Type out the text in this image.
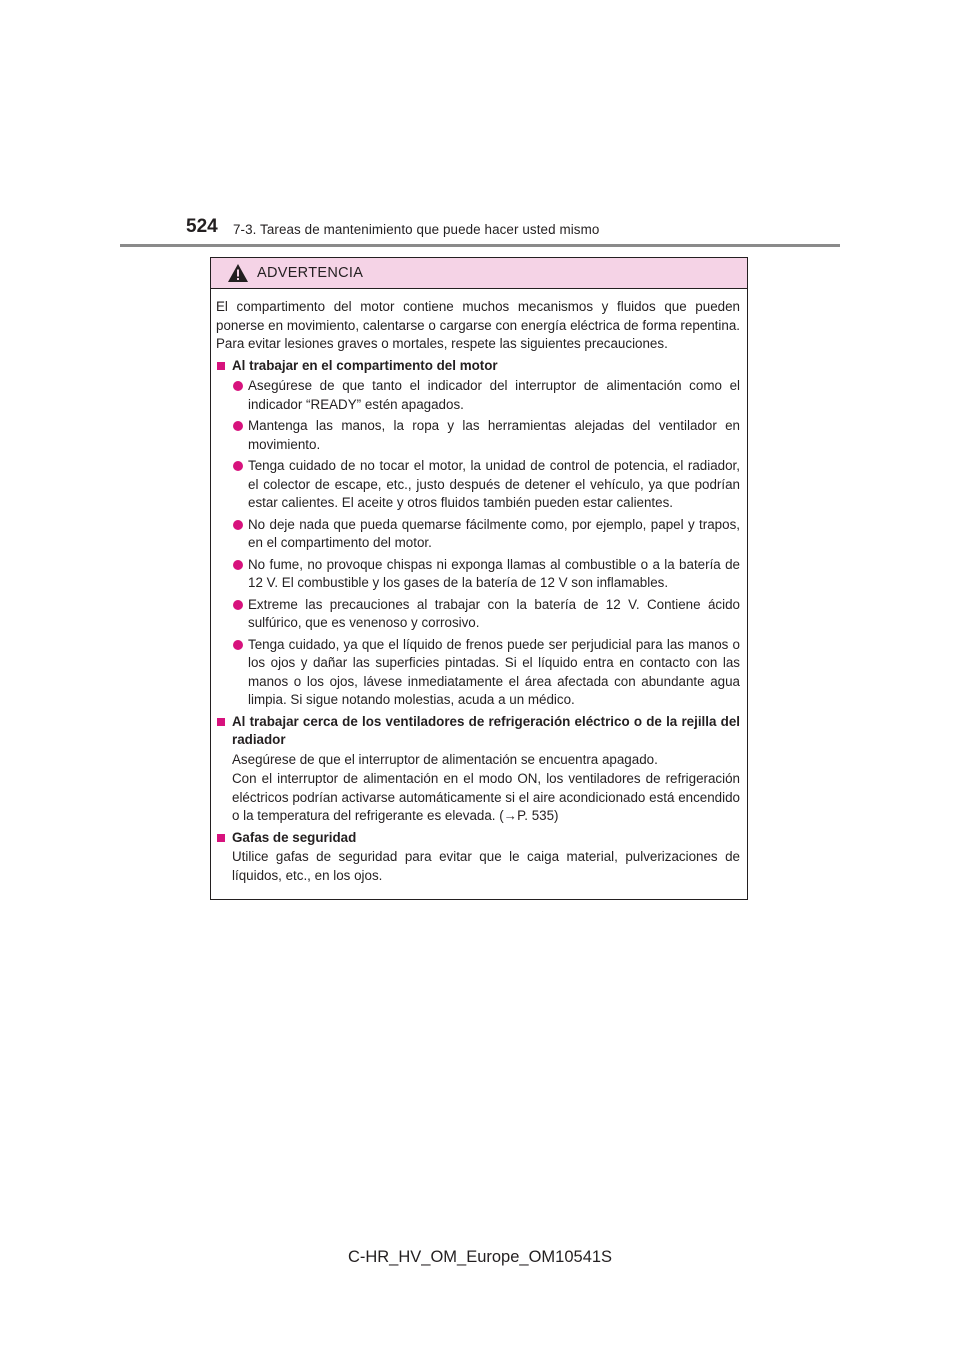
524 7-3. Tareas de mantenimiento que puede hacer usted mismo
ADVERTENCIA

El compartimento del motor contiene muchos mecanismos y fluidos que pueden ponerse en movimiento, calentarse o cargarse con energía eléctrica de forma repentina. Para evitar lesiones graves o mortales, respete las siguientes precauciones.

Al trabajar en el compartimento del motor
Asegúrese de que tanto el indicador del interruptor de alimentación como el indicador “READY” estén apagados.
Mantenga las manos, la ropa y las herramientas alejadas del ventilador en movimiento.
Tenga cuidado de no tocar el motor, la unidad de control de potencia, el radiador, el colector de escape, etc., justo después de detener el vehículo, ya que podrían estar calientes. El aceite y otros fluidos también pueden estar calientes.
No deje nada que pueda quemarse fácilmente como, por ejemplo, papel y trapos, en el compartimento del motor.
No fume, no provoque chispas ni exponga llamas al combustible o a la batería de 12 V. El combustible y los gases de la batería de 12 V son inflamables.
Extreme las precauciones al trabajar con la batería de 12 V. Contiene ácido sulfúrico, que es venenoso y corrosivo.
Tenga cuidado, ya que el líquido de frenos puede ser perjudicial para las manos o los ojos y dañar las superficies pintadas. Si el líquido entra en contacto con las manos o los ojos, lávese inmediatamente el área afectada con abundante agua limpia. Si sigue notando molestias, acuda a un médico.
Al trabajar cerca de los ventiladores de refrigeración eléctrico o de la rejilla del radiador
Asegúrese de que el interruptor de alimentación se encuentra apagado.
Con el interruptor de alimentación en el modo ON, los ventiladores de refrigeración eléctricos podrían activarse automáticamente si el aire acondicionado está encendido o la temperatura del refrigerante es elevada. (→P. 535)
Gafas de seguridad
Utilice gafas de seguridad para evitar que le caiga material, pulverizaciones de líquidos, etc., en los ojos.
C-HR_HV_OM_Europe_OM10541S
